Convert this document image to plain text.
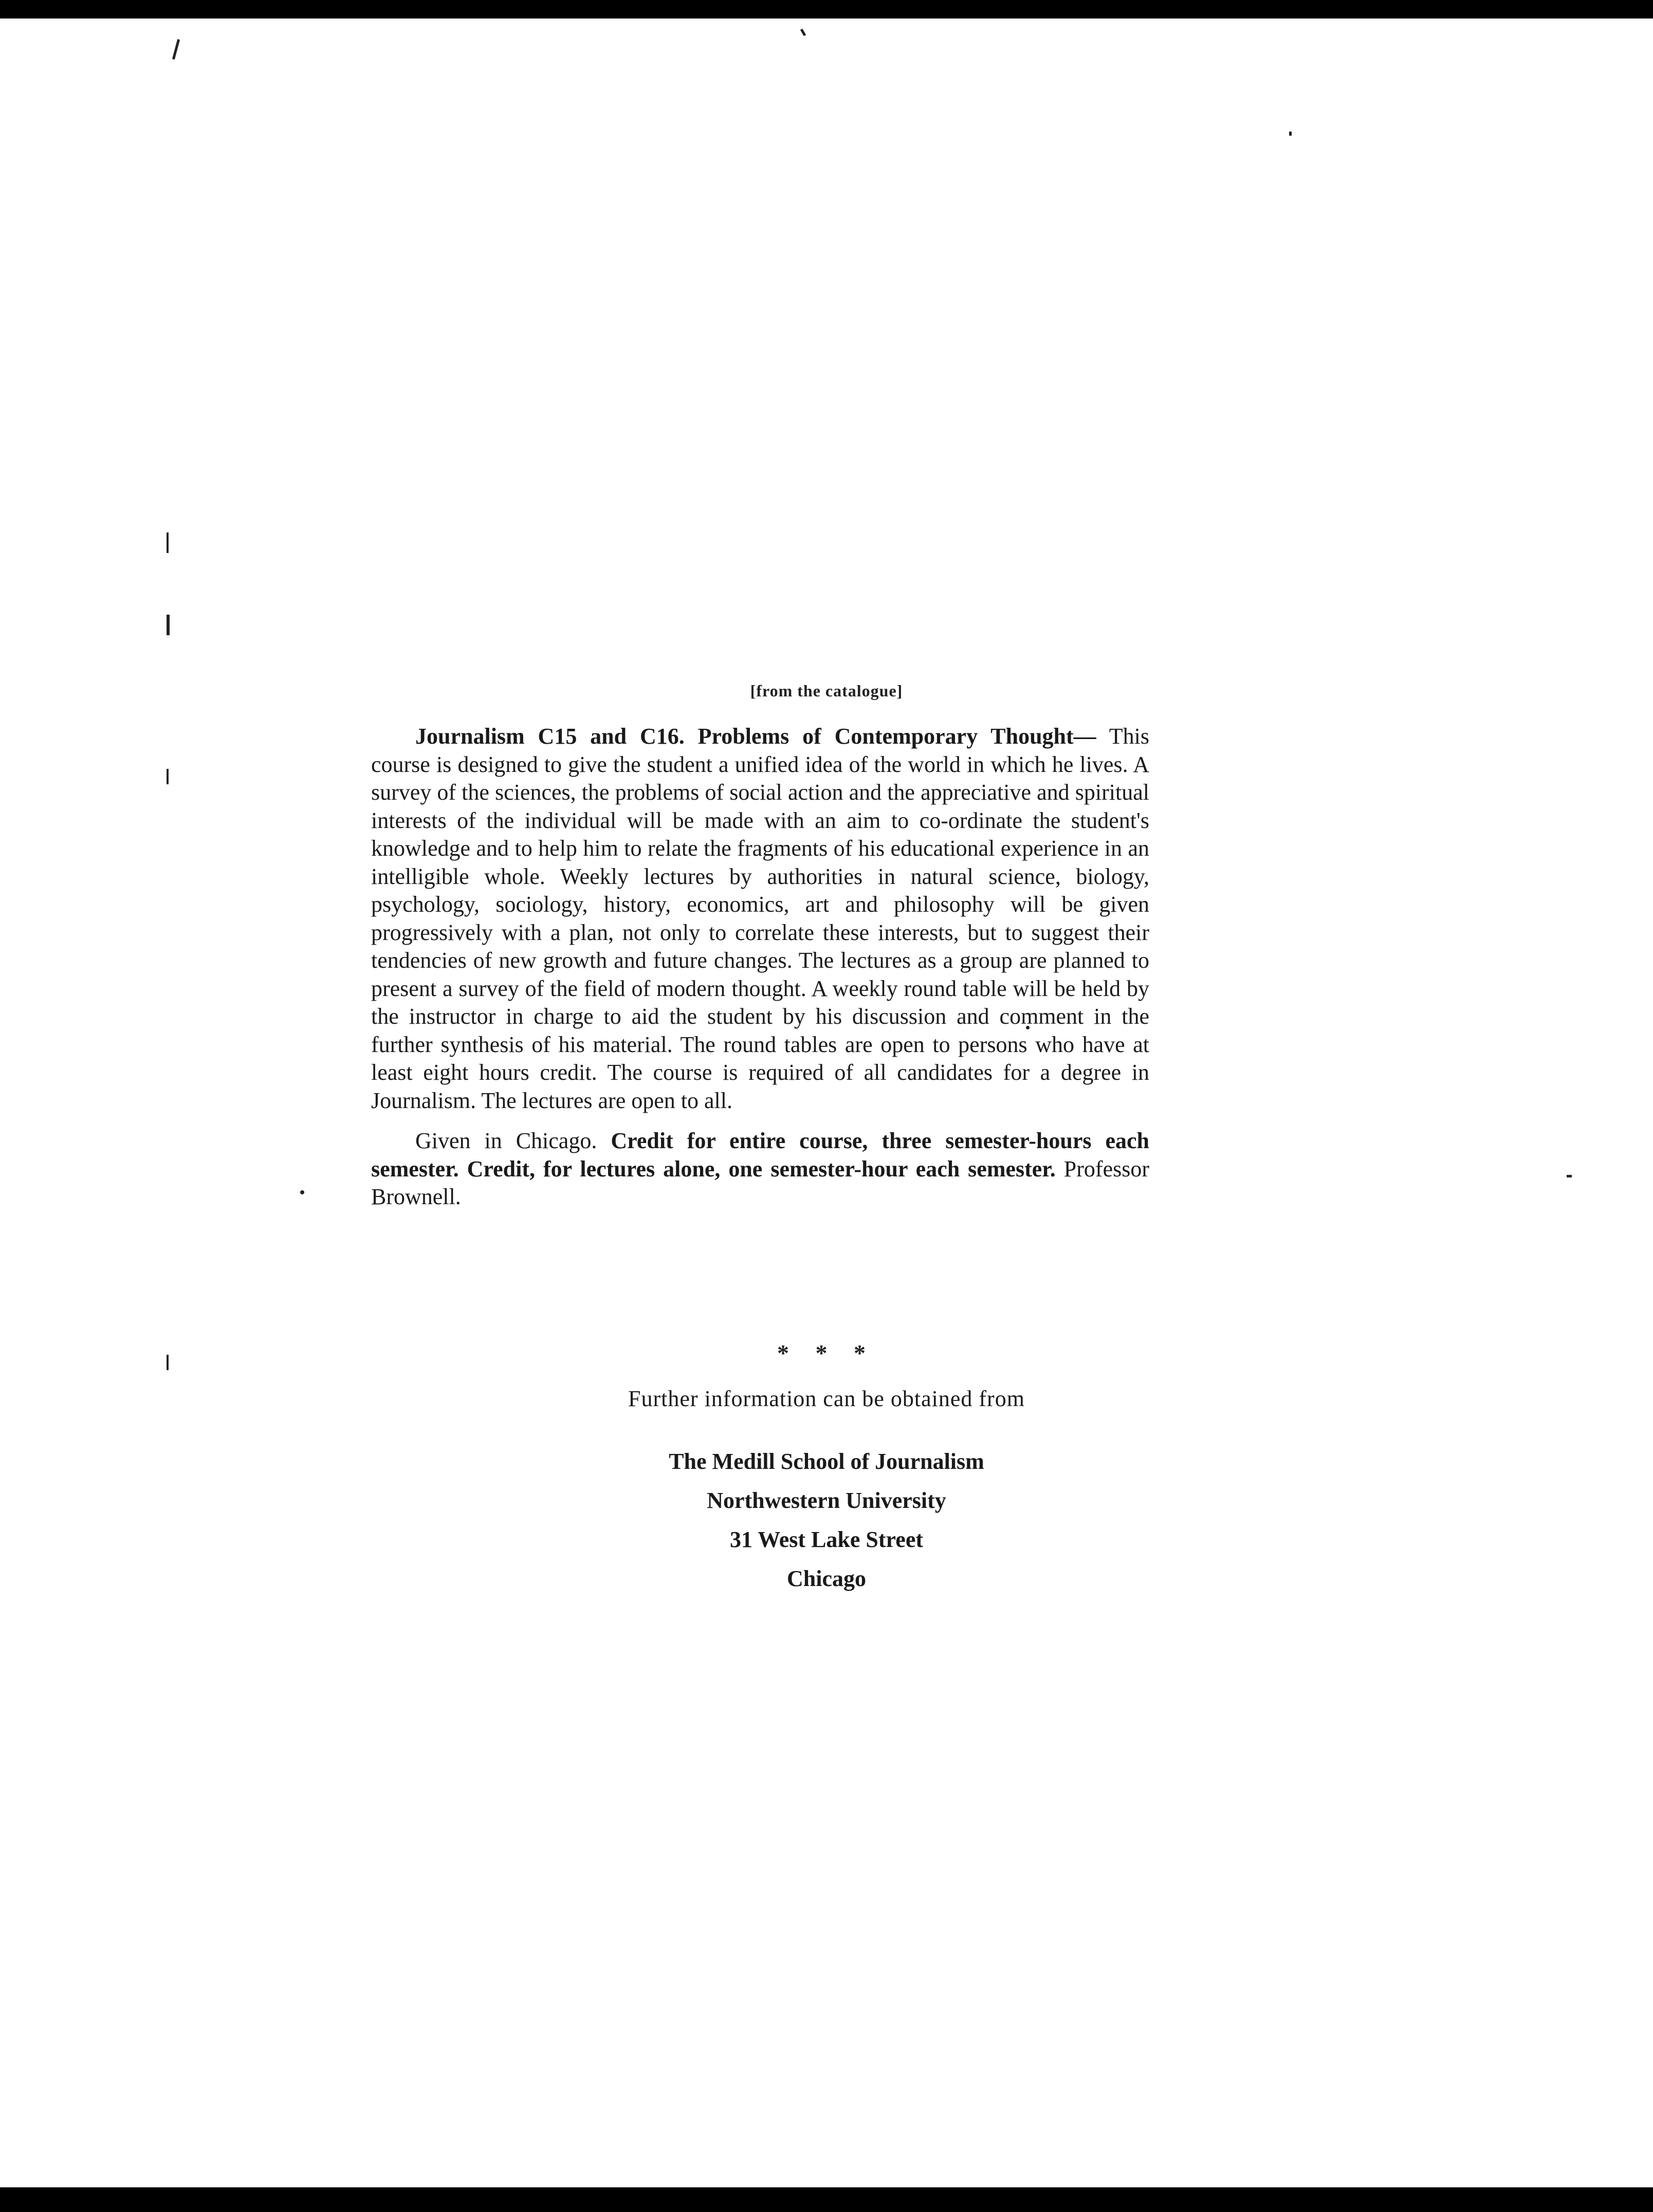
[from the catalogue]

Journalism C15 and C16. Problems of Contemporary Thought— This course is designed to give the student a unified idea of the world in which he lives. A survey of the sciences, the problems of social action and the appreciative and spiritual interests of the individual will be made with an aim to co-ordinate the student's knowledge and to help him to relate the fragments of his educational experience in an intelligible whole. Weekly lectures by authorities in natural science, biology, psychology, sociology, history, economics, art and philosophy will be given progressively with a plan, not only to correlate these interests, but to suggest their tendencies of new growth and future changes. The lectures as a group are planned to present a survey of the field of modern thought. A weekly round table will be held by the instructor in charge to aid the student by his discussion and comment in the further synthesis of his material. The round tables are open to persons who have at least eight hours credit. The course is required of all candidates for a degree in Journalism. The lectures are open to all.

Given in Chicago. Credit for entire course, three semester-hours each semester. Credit, for lectures alone, one semester-hour each semester. Professor Brownell.

* * *
Further information can be obtained from
The Medill School of Journalism
Northwestern University
31 West Lake Street
Chicago
